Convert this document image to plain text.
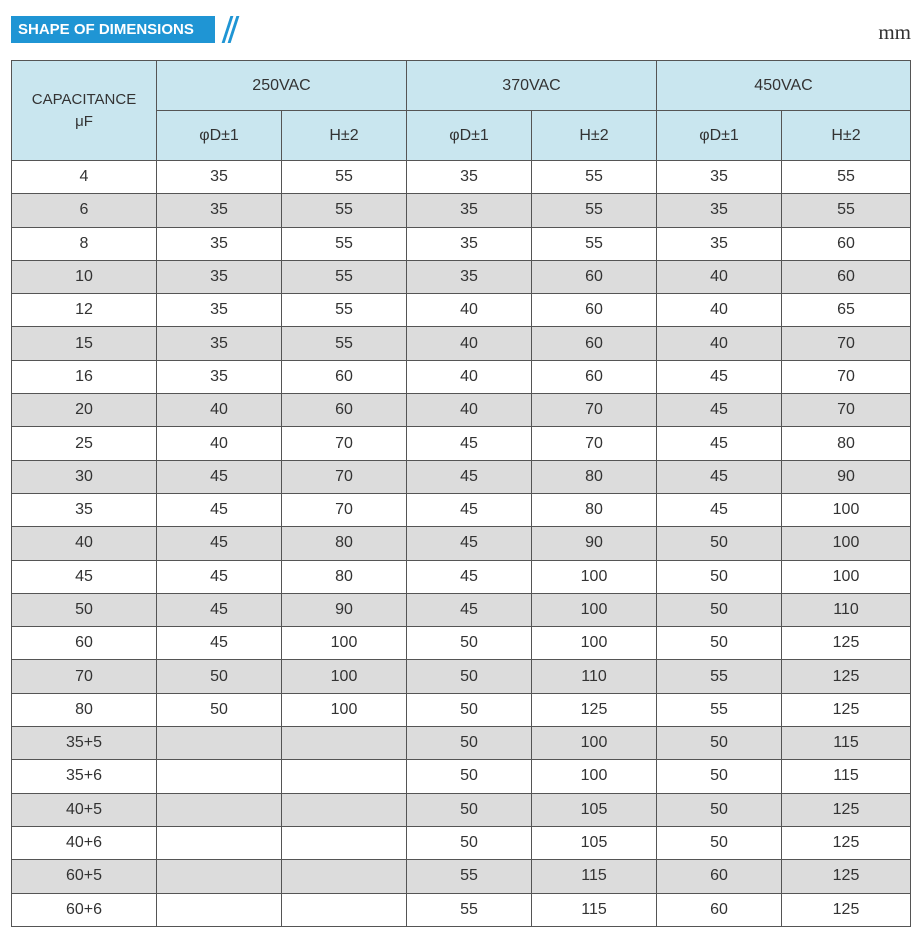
SHAPE OF DIMENSIONS	mm
CAPACITANCE
μF	250VAC		370VAC		450VAC	
	φD±1	H±2	φD±1	H±2	φD±1	H±2
4	35	55	35	55	35	55
6	35	55	35	55	35	55
8	35	55	35	55	35	60
10	35	55	35	60	40	60
12	35	55	40	60	40	65
15	35	55	40	60	40	70
16	35	60	40	60	45	70
20	40	60	40	70	45	70
25	40	70	45	70	45	80
30	45	70	45	80	45	90
35	45	70	45	80	45	100
40	45	80	45	90	50	100
45	45	80	45	100	50	100
50	45	90	45	100	50	110
60	45	100	50	100	50	125
70	50	100	50	110	55	125
80	50	100	50	125	55	125
35+5			50	100	50	115
35+6			50	100	50	115
40+5			50	105	50	125
40+6			50	105	50	125
60+5			55	115	60	125
60+6			55	115	60	125
